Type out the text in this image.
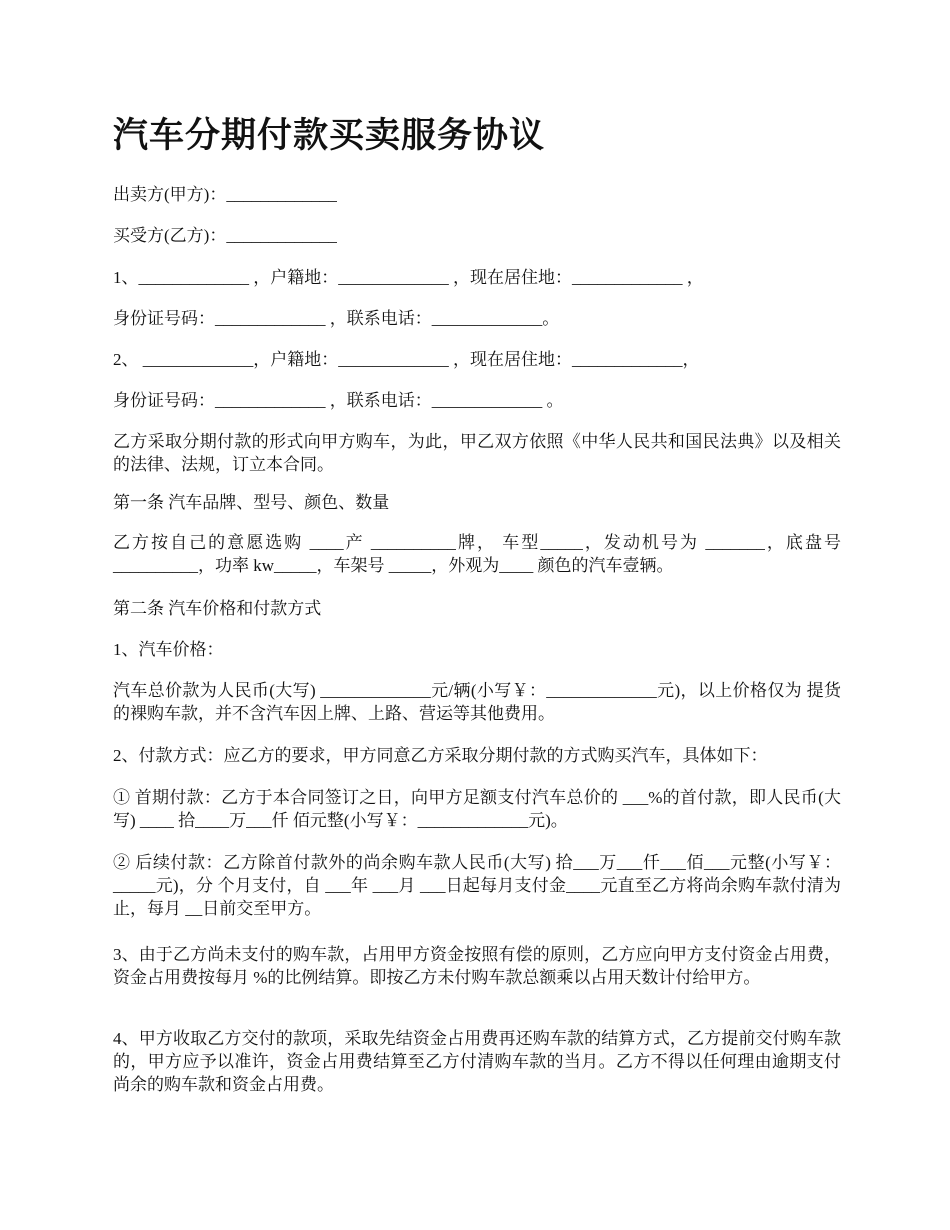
汽车分期付款买卖服务协议

出卖方(甲方)：_____________

买受方(乙方)：_____________

1、_____________ ，户籍地：_____________ ，现在居住地：_____________ ，

身份证号码：_____________ ，联系电话：_____________。

2、 _____________，户籍地：_____________ ，现在居住地：_____________，

身份证号码：_____________ ，联系电话：_____________ 。

乙方采取分期付款的形式向甲方购车，为此，甲乙双方依照《中华人民共和国民法典》以及相关的法律、法规，订立本合同。

第一条 汽车品牌、型号、颜色、数量

乙方按自己的意愿选购 ____产 __________牌， 车型_____，发动机号为 _______，底盘号 __________，功率 kw_____，车架号 _____，外观为____ 颜色的汽车壹辆。

第二条 汽车价格和付款方式

1、汽车价格：

汽车总价款为人民币(大写) _____________元/辆(小写￥：_____________元)，以上价格仅为 提货的裸购车款，并不含汽车因上牌、上路、营运等其他费用。

2、付款方式：应乙方的要求，甲方同意乙方采取分期付款的方式购买汽车，具体如下：

① 首期付款：乙方于本合同签订之日，向甲方足额支付汽车总价的 ___%的首付款，即人民币(大写) ____ 拾____万___仟 佰元整(小写￥：_____________元)。

② 后续付款：乙方除首付款外的尚余购车款人民币(大写) 拾___万___仟___佰___元整(小写￥：_____元)，分 个月支付，自 ___年 ___月 ___日起每月支付金____元直至乙方将尚余购车款付清为止，每月 __日前交至甲方。

3、由于乙方尚未支付的购车款，占用甲方资金按照有偿的原则，乙方应向甲方支付资金占用费，资金占用费按每月 %的比例结算。即按乙方未付购车款总额乘以占用天数计付给甲方。

4、甲方收取乙方交付的款项，采取先结资金占用费再还购车款的结算方式，乙方提前交付购车款的，甲方应予以准许，资金占用费结算至乙方付清购车款的当月。乙方不得以任何理由逾期支付尚余的购车款和资金占用费。
